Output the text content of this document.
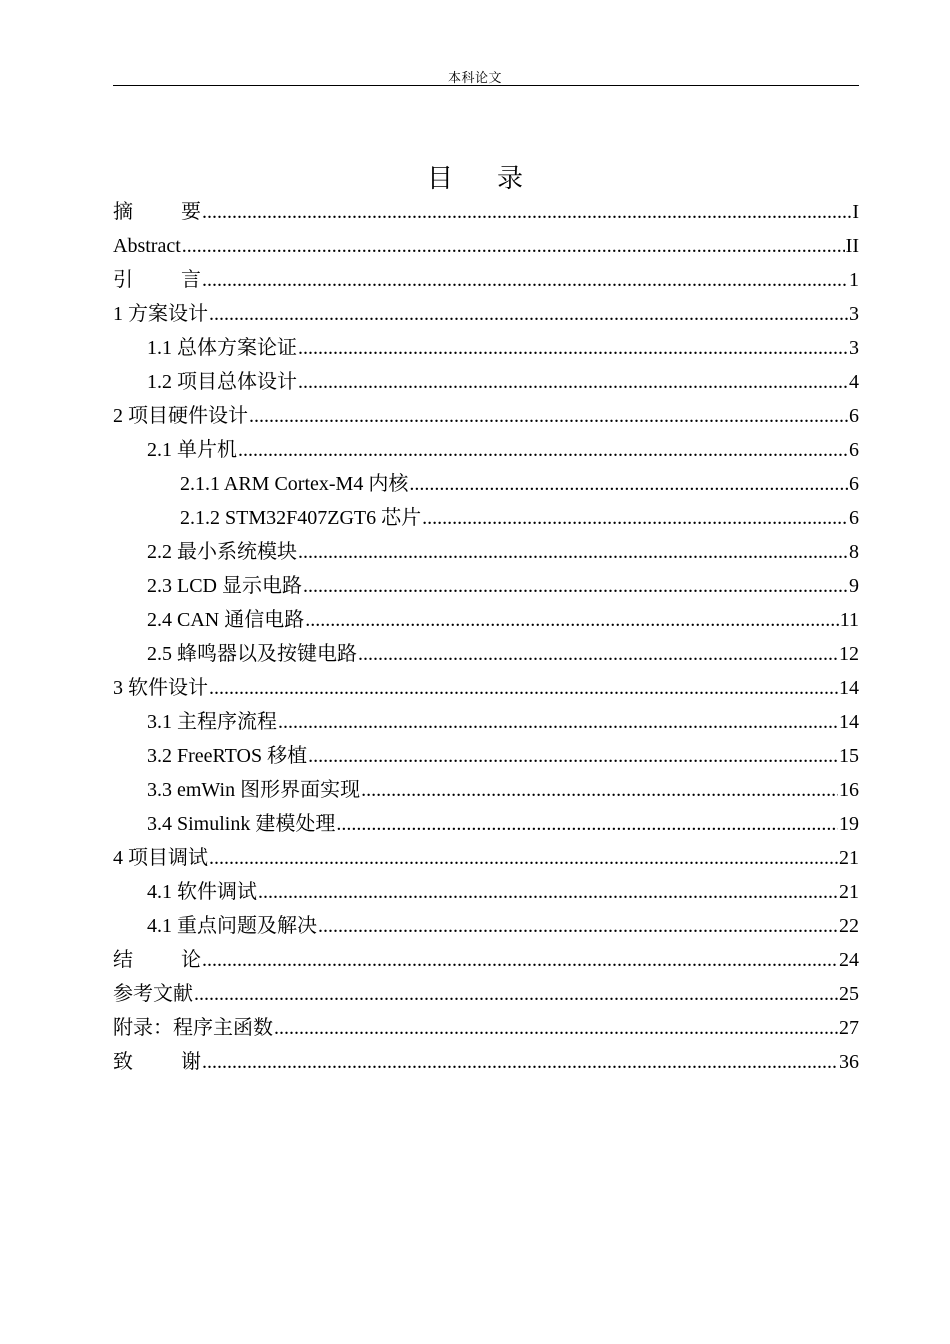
本科论文
目 录
摘 要 .....	I
Abstract .....	II
引 言 .....	1
1 方案设计 .....	3
1.1 总体方案论证 .....	3
1.2 项目总体设计 .....	4
2 项目硬件设计 .....	6
2.1 单片机 .....	6
2.1.1 ARM Cortex-M4 内核 .....	6
2.1.2 STM32F407ZGT6 芯片 .....	6
2.2 最小系统模块 .....	8
2.3 LCD 显示电路 .....	9
2.4 CAN 通信电路 .....	11
2.5 蜂鸣器以及按键电路 .....	12
3 软件设计 .....	14
3.1 主程序流程 .....	14
3.2 FreeRTOS 移植 .....	15
3.3 emWin 图形界面实现 .....	16
3.4 Simulink 建模处理 .....	19
4 项目调试 .....	21
4.1 软件调试 .....	21
4.1 重点问题及解决 .....	22
结 论 .....	24
参考文献 .....	25
附录：程序主函数 .....	27
致 谢 .....	36
